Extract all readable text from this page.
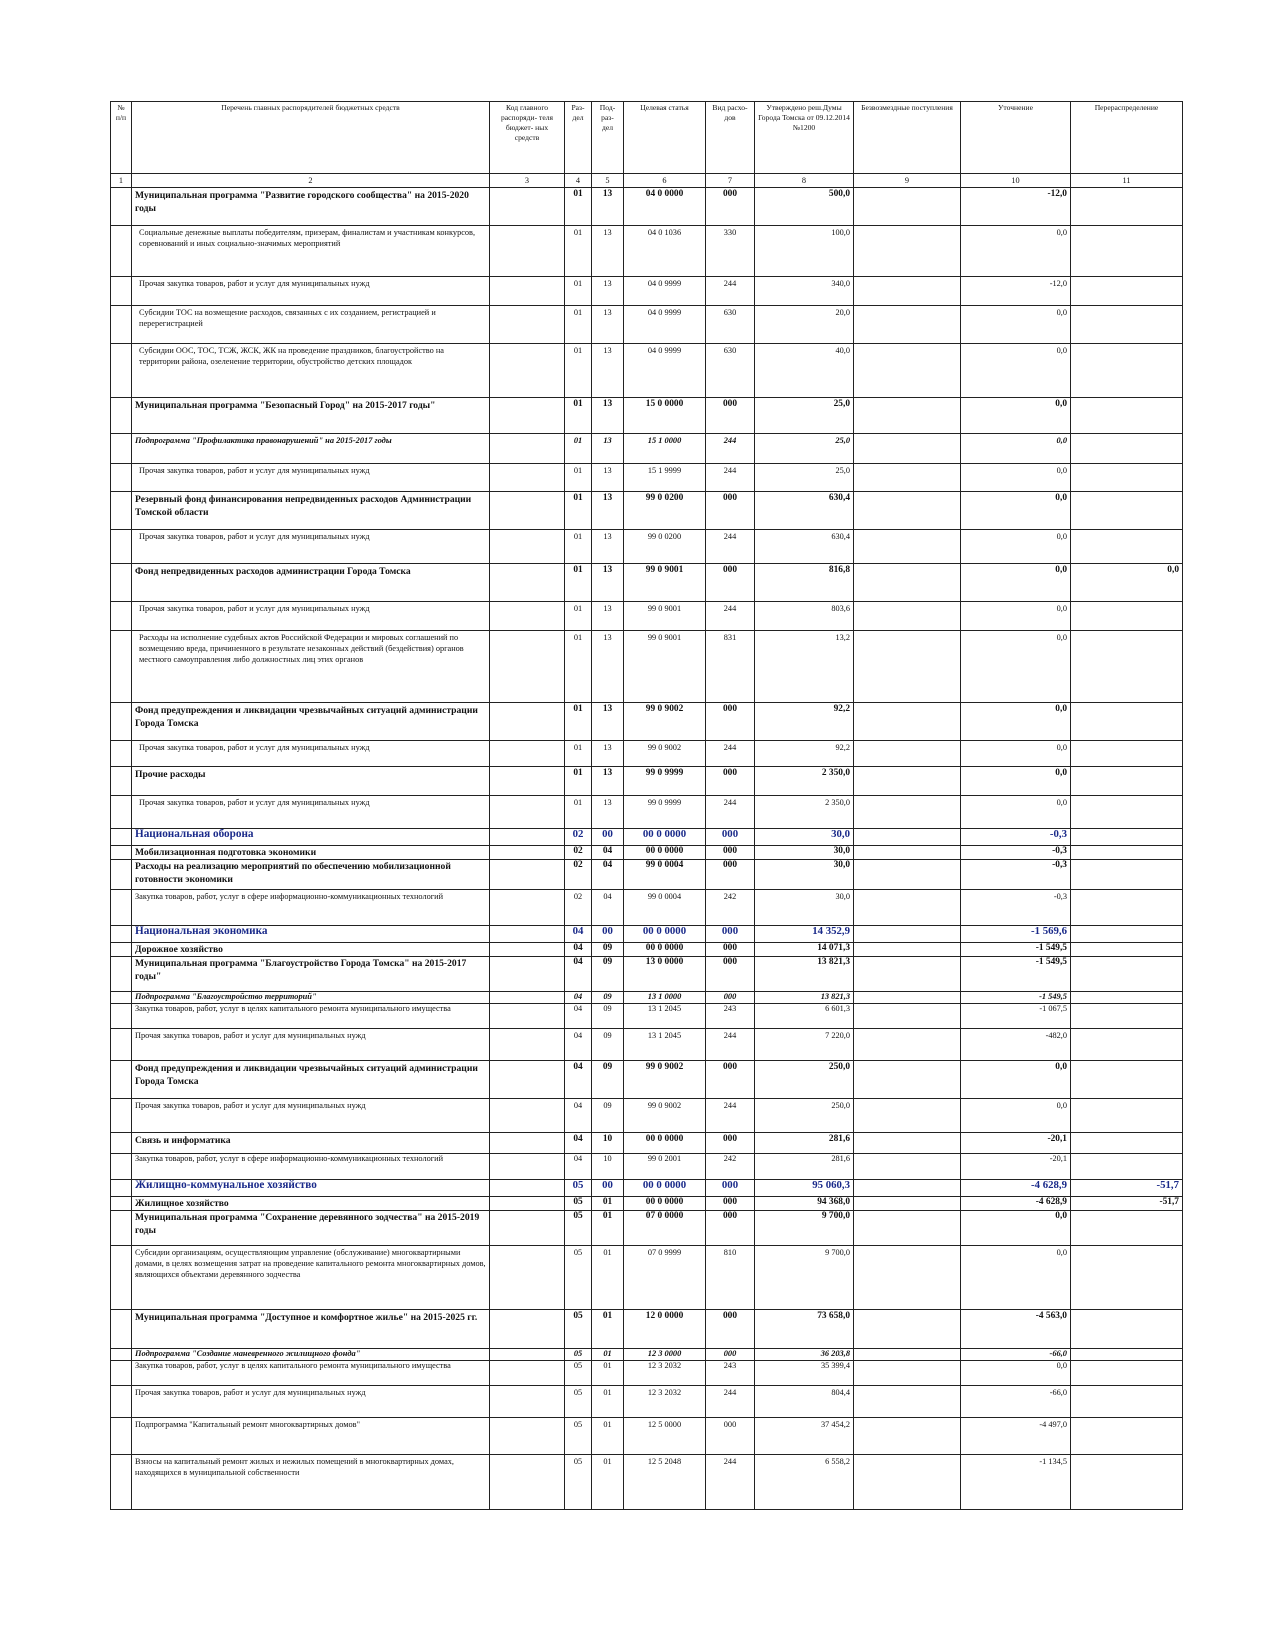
№ п/п	Перечень главных распорядителей бюджетных средств	Код главного распоряди- теля бюджет- ных средств	Раз- дел	Под- раз- дел	Целевая статья	Вид расхо- дов	Утверждено реш.Думы Города Томска от 09.12.2014 №1200	Безвозмездные поступления	Уточнение	Перераспределение
1	2	3	4	5	6	7	8	9	10	11
	Муниципальная программа "Развитие городского сообщества" на 2015-2020 годы		01	13	04 0 0000	000	500,0		-12,0	
	Социальные денежные выплаты победителям, призерам, финалистам и участникам конкурсов, соревнований и иных социально-значимых мероприятий		01	13	04 0 1036	330	100,0		0,0	
	Прочая закупка товаров, работ и услуг для муниципальных нужд		01	13	04 0 9999	244	340,0		-12,0	
	Субсидии ТОС на возмещение расходов, связанных с их созданием, регистрацией и перерегистрацией		01	13	04 0 9999	630	20,0		0,0	
	Субсидии ООС, ТОС, ТСЖ, ЖСК, ЖК на проведение праздников, благоустройство на территории района, озеленение территории, обустройство детских площадок		01	13	04 0 9999	630	40,0		0,0	
	Муниципальная программа "Безопасный Город" на 2015-2017 годы"		01	13	15 0 0000	000	25,0		0,0	
	Подпрограмма "Профилактика правонарушений" на 2015-2017 годы		01	13	15 1 0000	244	25,0		0,0	
	Прочая закупка товаров, работ и услуг для муниципальных нужд		01	13	15 1 9999	244	25,0		0,0	
	Резервный фонд финансирования непредвиденных расходов Администрации Томской области		01	13	99 0 0200	000	630,4		0,0	
	Прочая закупка товаров, работ и услуг для муниципальных нужд		01	13	99 0 0200	244	630,4		0,0	
	Фонд непредвиденных расходов администрации Города Томска		01	13	99 0 9001	000	816,8		0,0	0,0
	Прочая закупка товаров, работ и услуг для муниципальных нужд		01	13	99 0 9001	244	803,6		0,0	
	Расходы на исполнение судебных актов Российской Федерации и мировых соглашений по возмещению вреда, причиненного в результате незаконных действий (бездействия) органов местного самоуправления либо должностных лиц этих органов		01	13	99 0 9001	831	13,2		0,0	
	Фонд предупреждения и ликвидации чрезвычайных ситуаций администрации Города Томска		01	13	99 0 9002	000	92,2		0,0	
	Прочая закупка товаров, работ и услуг для муниципальных нужд		01	13	99 0 9002	244	92,2		0,0	
	Прочие расходы		01	13	99 0 9999	000	2 350,0		0,0	
	Прочая закупка товаров, работ и услуг для муниципальных нужд		01	13	99 0 9999	244	2 350,0		0,0	
	Национальная оборона		02	00	00 0 0000	000	30,0		-0,3	
	Мобилизационная подготовка экономики		02	04	00 0 0000	000	30,0		-0,3	
	Расходы на реализацию мероприятий по обеспечению мобилизационной готовности экономики		02	04	99 0 0004	000	30,0		-0,3	
	Закупка товаров, работ, услуг в сфере информационно-коммуникационных технологий		02	04	99 0 0004	242	30,0		-0,3	
	Национальная экономика		04	00	00 0 0000	000	14 352,9		-1 569,6	
	Дорожное хозяйство		04	09	00 0 0000	000	14 071,3		-1 549,5	
	Муниципальная программа "Благоустройство Города Томска" на 2015-2017 годы"		04	09	13 0 0000	000	13 821,3		-1 549,5	
	Подпрограмма "Благоустройство территорий"		04	09	13 1 0000	000	13 821,3		-1 549,5	
	Закупка товаров, работ, услуг в целях капитального ремонта муниципального имущества		04	09	13 1 2045	243	6 601,3		-1 067,5	
	Прочая закупка товаров, работ и услуг для муниципальных нужд		04	09	13 1 2045	244	7 220,0		-482,0	
	Фонд предупреждения и ликвидации чрезвычайных ситуаций администрации Города Томска		04	09	99 0 9002	000	250,0		0,0	
	Прочая закупка товаров, работ и услуг для муниципальных нужд		04	09	99 0 9002	244	250,0		0,0	
	Связь и информатика		04	10	00 0 0000	000	281,6		-20,1	
	Закупка товаров, работ, услуг в сфере информационно-коммуникационных технологий		04	10	99 0 2001	242	281,6		-20,1	
	Жилищно-коммунальное хозяйство		05	00	00 0 0000	000	95 060,3		-4 628,9	-51,7
	Жилищное хозяйство		05	01	00 0 0000	000	94 368,0		-4 628,9	-51,7
	Муниципальная программа "Сохранение деревянного зодчества" на 2015-2019 годы		05	01	07 0 0000	000	9 700,0		0,0	
	Субсидии организациям, осуществляющим управление (обслуживание) многоквартирными домами, в целях возмещения затрат на проведение капитального ремонта многоквартирных домов, являющихся объектами деревянного зодчества		05	01	07 0 9999	810	9 700,0		0,0	
	Муниципальная программа "Доступное и комфортное жилье" на 2015-2025 гг.		05	01	12 0 0000	000	73 658,0		-4 563,0	
	Подпрограмма "Создание маневренного жилищного фонда"		05	01	12 3 0000	000	36 203,8		-66,0	
	Закупка товаров, работ, услуг в целях капитального ремонта муниципального имущества		05	01	12 3 2032	243	35 399,4		0,0	
	Прочая закупка товаров, работ и услуг для муниципальных нужд		05	01	12 3 2032	244	804,4		-66,0	
	Подпрограмма "Капитальный ремонт многоквартирных домов"		05	01	12 5 0000	000	37 454,2		-4 497,0	
	Взносы на капитальный ремонт жилых и нежилых помещений в многоквартирных домах, находящихся в муниципальной собственности		05	01	12 5 2048	244	6 558,2		-1 134,5	
